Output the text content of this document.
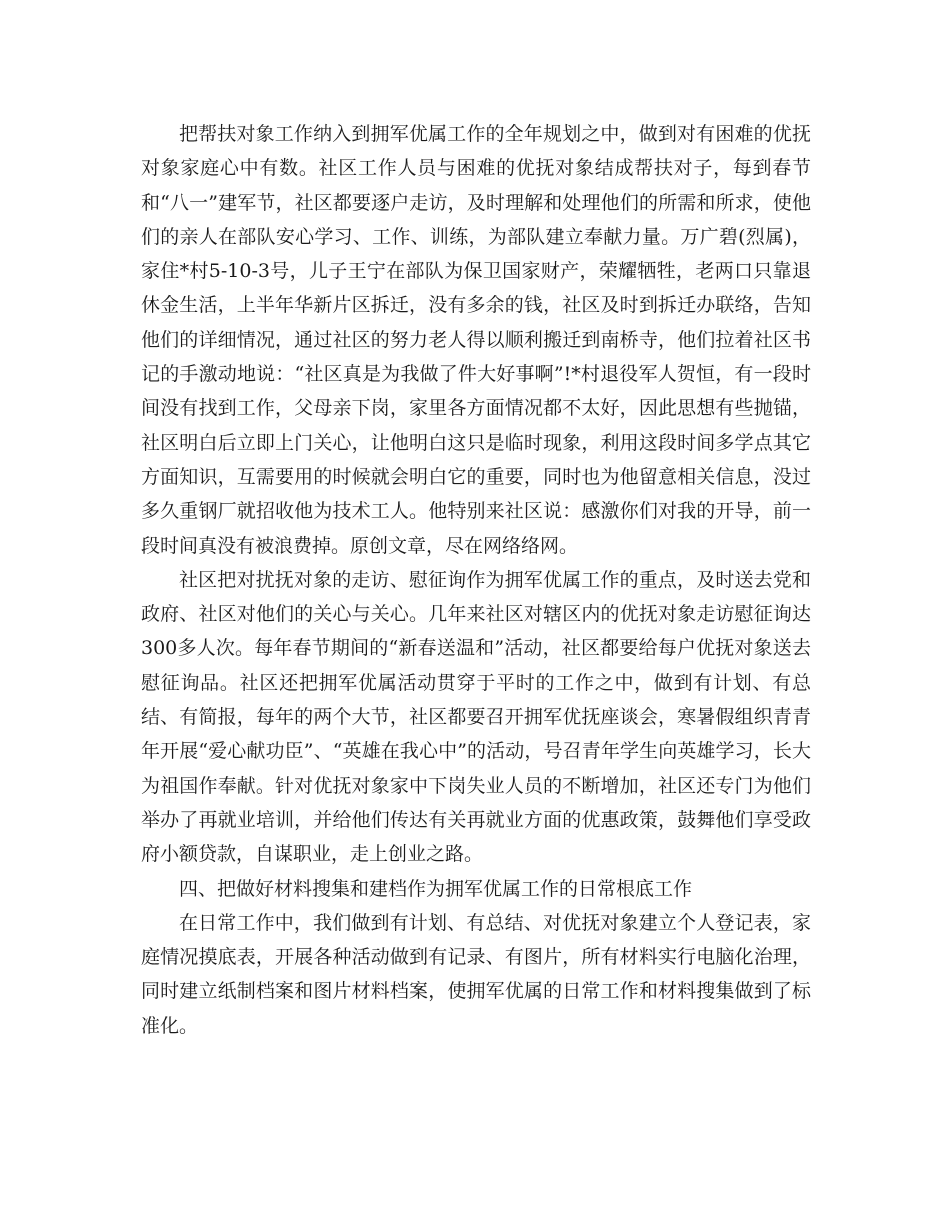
把帮扶对象工作纳入到拥军优属工作的全年规划之中，做到对有困难的优抚对象家庭心中有数。社区工作人员与困难的优抚对象结成帮扶对子，每到春节和“八一”建军节，社区都要逐户走访，及时理解和处理他们的所需和所求，使他们的亲人在部队安心学习、工作、训练，为部队建立奉献力量。万广碧(烈属)，家住*村5-10-3号，儿子王宁在部队为保卫国家财产，荣耀牺牲，老两口只靠退休金生活，上半年华新片区拆迁，没有多余的钱，社区及时到拆迁办联络，告知他们的详细情况，通过社区的努力老人得以顺利搬迁到南桥寺，他们拉着社区书记的手激动地说：“社区真是为我做了件大好事啊”!*村退役军人贺恒，有一段时间没有找到工作，父母亲下岗，家里各方面情况都不太好，因此思想有些抛锚，社区明白后立即上门关心，让他明白这只是临时现象，利用这段时间多学点其它方面知识，互需要用的时候就会明白它的重要，同时也为他留意相关信息，没过多久重钢厂就招收他为技术工人。他特别来社区说：感激你们对我的开导，前一段时间真没有被浪费掉。原创文章，尽在网络络网。

社区把对扰抚对象的走访、慰征询作为拥军优属工作的重点，及时送去党和政府、社区对他们的关心与关心。几年来社区对辖区内的优抚对象走访慰征询达300多人次。每年春节期间的“新春送温和”活动，社区都要给每户优抚对象送去慰征询品。社区还把拥军优属活动贯穿于平时的工作之中，做到有计划、有总结、有简报，每年的两个大节，社区都要召开拥军优抚座谈会，寒暑假组织青青年开展“爱心献功臣”、“英雄在我心中”的活动，号召青年学生向英雄学习，长大为祖国作奉献。针对优抚对象家中下岗失业人员的不断增加，社区还专门为他们举办了再就业培训，并给他们传达有关再就业方面的优惠政策，鼓舞他们享受政府小额贷款，自谋职业，走上创业之路。

四、把做好材料搜集和建档作为拥军优属工作的日常根底工作

在日常工作中，我们做到有计划、有总结、对优抚对象建立个人登记表，家庭情况摸底表，开展各种活动做到有记录、有图片，所有材料实行电脑化治理，同时建立纸制档案和图片材料档案，使拥军优属的日常工作和材料搜集做到了标准化。
